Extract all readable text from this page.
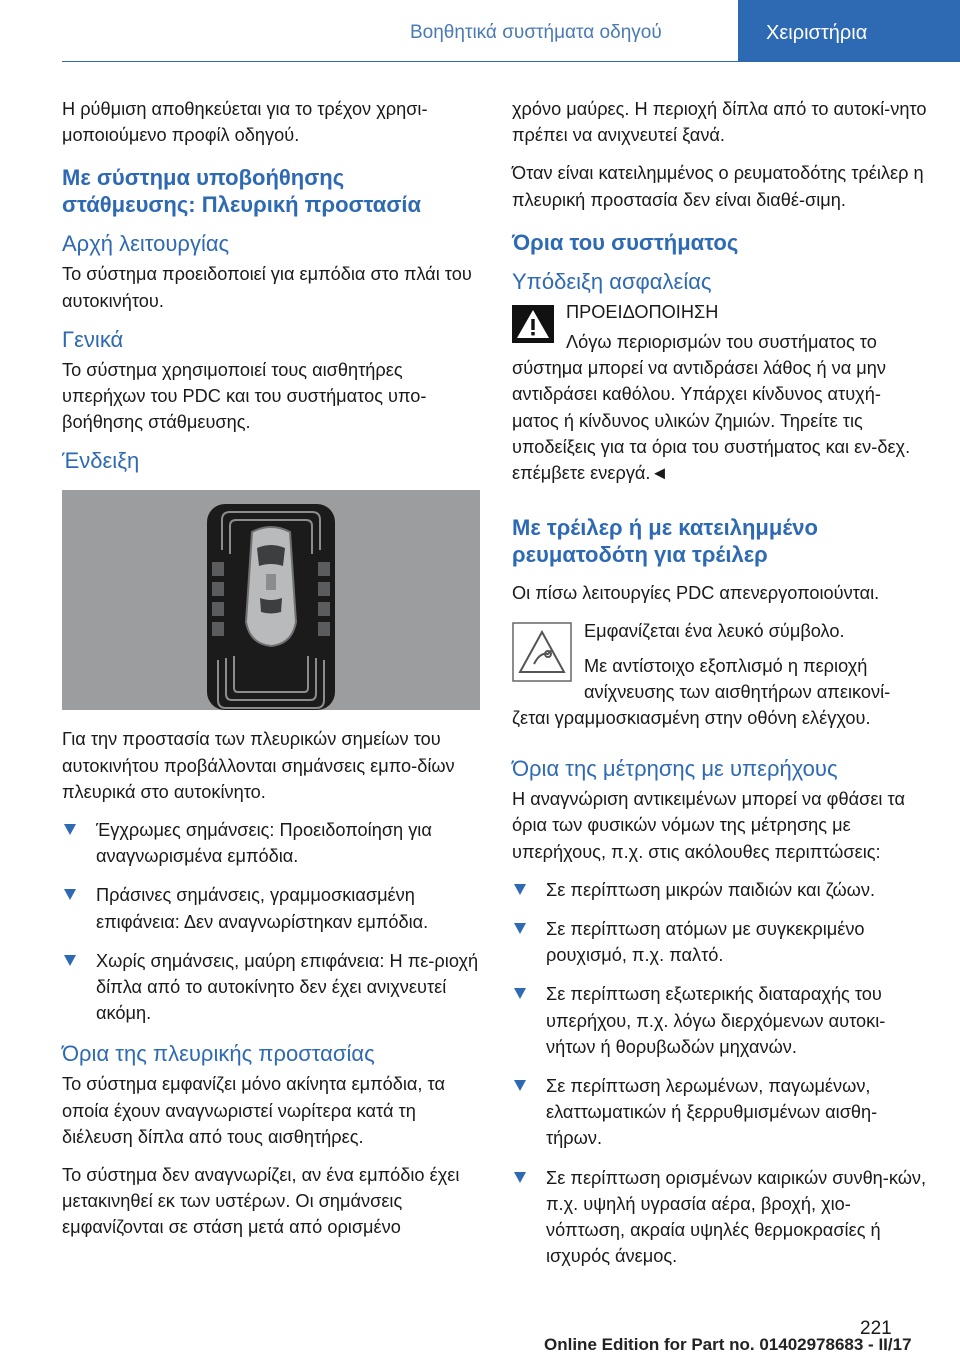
Βοηθητικά συστήματα οδηγού	Χειριστήρια

Η ρύθμιση αποθηκεύεται για το τρέχον χρησι-μοποιούμενο προφίλ οδηγού.

Με σύστημα υποβοήθησης στάθμευσης: Πλευρική προστασία
Αρχή λειτουργίας

Το σύστημα προειδοποιεί για εμπόδια στο πλάι του αυτοκινήτου.

Γενικά

Το σύστημα χρησιμοποιεί τους αισθητήρες υπερήχων του PDC και του συστήματος υπο-βοήθησης στάθμευσης.

Ένδειξη

Για την προστασία των πλευρικών σημείων του αυτοκινήτου προβάλλονται σημάνσεις εμπο-δίων πλευρικά στο αυτοκίνητο.

Έγχρωμες σημάνσεις: Προειδοποίηση για αναγνωρισμένα εμπόδια.
Πράσινες σημάνσεις, γραμμοσκιασμένη επιφάνεια: Δεν αναγνωρίστηκαν εμπόδια.
Χωρίς σημάνσεις, μαύρη επιφάνεια: Η πε-ριοχή δίπλα από το αυτοκίνητο δεν έχει ανιχνευτεί ακόμη.
Όρια της πλευρικής προστασίας

Το σύστημα εμφανίζει μόνο ακίνητα εμπόδια, τα οποία έχουν αναγνωριστεί νωρίτερα κατά τη διέλευση δίπλα από τους αισθητήρες.

Το σύστημα δεν αναγνωρίζει, αν ένα εμπόδιο έχει μετακινηθεί εκ των υστέρων. Οι σημάνσεις εμφανίζονται σε στάση μετά από ορισμένο

χρόνο μαύρες. Η περιοχή δίπλα από το αυτοκί-νητο πρέπει να ανιχνευτεί ξανά.

Όταν είναι κατειλημμένος ο ρευματοδότης τρέιλερ η πλευρική προστασία δεν είναι διαθέ-σιμη.

Όρια του συστήματος
Υπόδειξη ασφαλείας

ΠΡΟΕΙΔΟΠΟΙΗΣΗ

Λόγω περιορισμών του συστήματος το σύστημα μπορεί να αντιδράσει λάθος ή να μην αντιδράσει καθόλου. Υπάρχει κίνδυνος ατυχή-ματος ή κίνδυνος υλικών ζημιών. Τηρείτε τις υποδείξεις για τα όρια του συστήματος και εν-δεχ. επέμβετε ενεργά.◄

Με τρέιλερ ή με κατειλημμένο ρευματοδότη για τρέιλερ

Οι πίσω λειτουργίες PDC απενεργοποιούνται.

Εμφανίζεται ένα λευκό σύμβολο.

Με αντίστοιχο εξοπλισμό η περιοχή ανίχνευσης των αισθητήρων απεικονί-ζεται γραμμοσκιασμένη στην οθόνη ελέγχου.

Όρια της μέτρησης με υπερήχους

Η αναγνώριση αντικειμένων μπορεί να φθάσει τα όρια των φυσικών νόμων της μέτρησης με υπερήχους, π.χ. στις ακόλουθες περιπτώσεις:

Σε περίπτωση μικρών παιδιών και ζώων.
Σε περίπτωση ατόμων με συγκεκριμένο ρουχισμό, π.χ. παλτό.
Σε περίπτωση εξωτερικής διαταραχής του υπερήχου, π.χ. λόγω διερχόμενων αυτοκι-νήτων ή θορυβωδών μηχανών.
Σε περίπτωση λερωμένων, παγωμένων, ελαττωματικών ή ξερρυθμισμένων αισθη-τήρων.
Σε περίπτωση ορισμένων καιρικών συνθη-κών, π.χ. υψηλή υγρασία αέρα, βροχή, χιο-νόπτωση, ακραία υψηλές θερμοκρασίες ή ισχυρός άνεμος.
221
Online Edition for Part no. 01402978683 - II/17
